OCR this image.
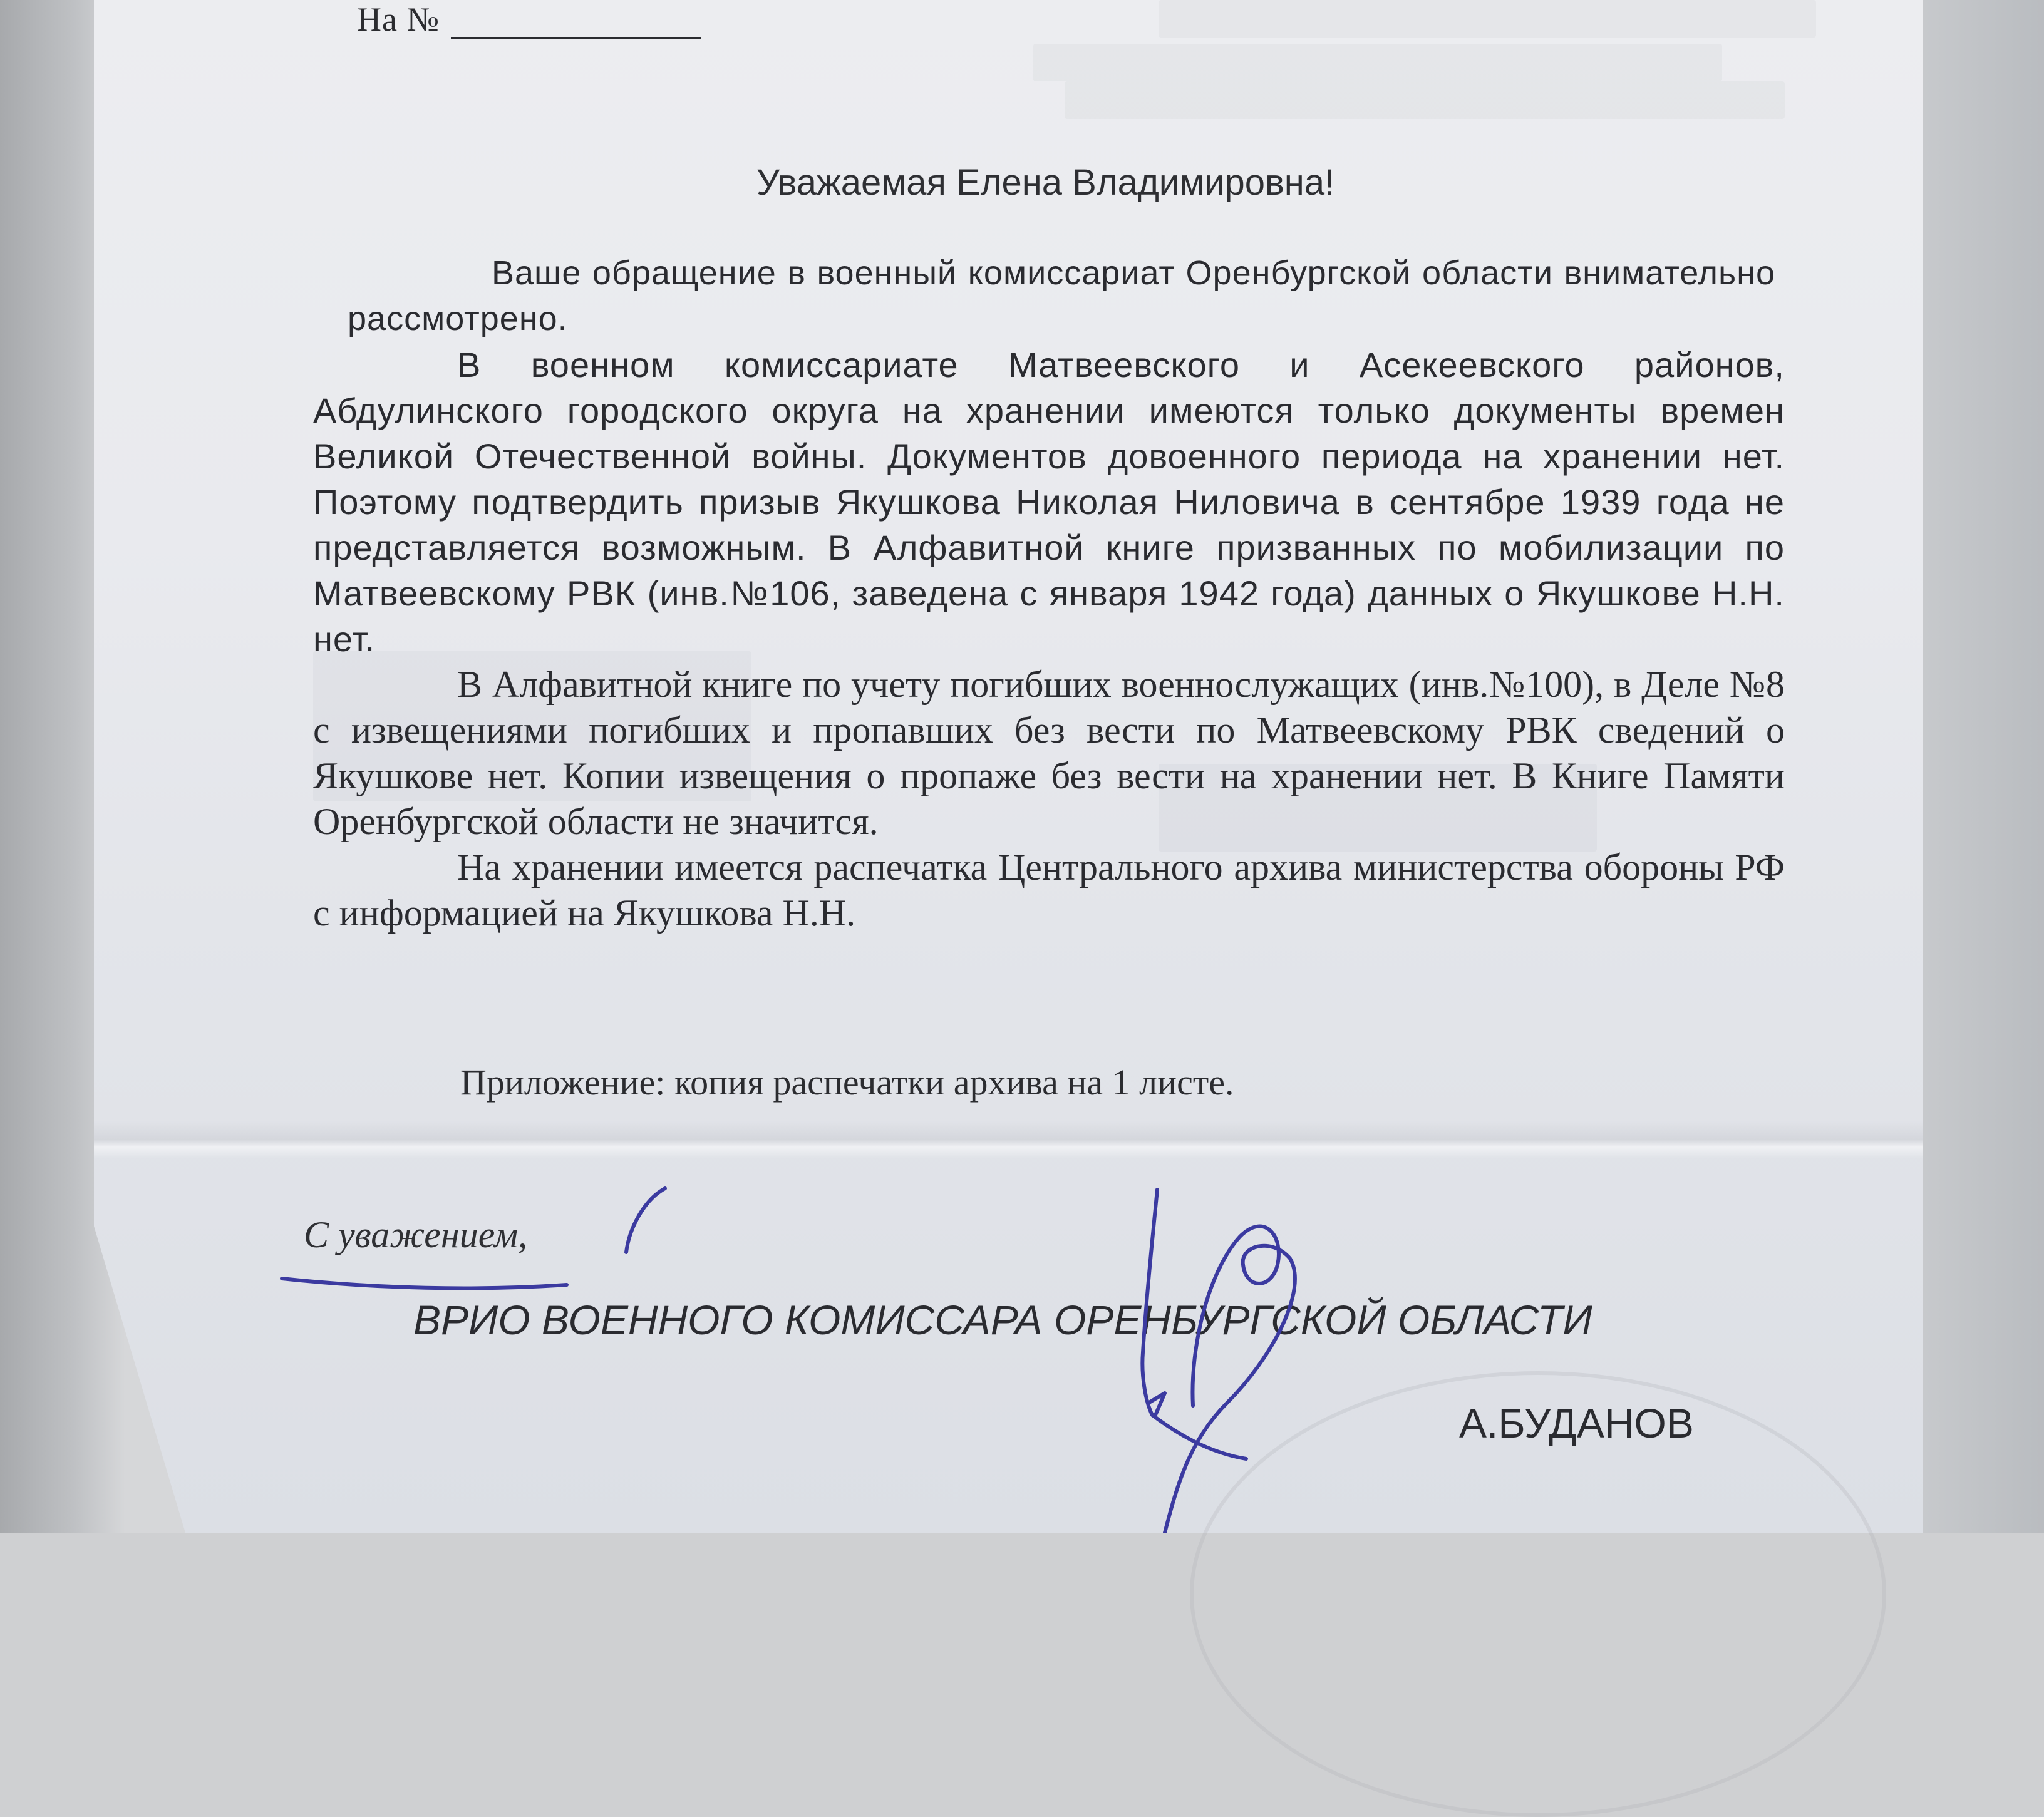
На №
Уважаемая Елена Владимировна!

Ваше обращение в военный комиссариат Оренбургской области внимательно рассмотрено.

В военном комиссариате Матвеевского и Асекеевского районов, Абдулинского городского округа на хранении имеются только документы времен Великой Отечественной войны. Документов довоенного периода на хранении нет. Поэтому подтвердить призыв Якушкова Николая Ниловича в сентябре 1939 года не представляется возможным. В Алфавитной книге призванных по мобилизации по Матвеевскому РВК (инв.№106, заведена с января 1942 года) данных о Якушкове Н.Н. нет.

В Алфавитной книге по учету погибших военнослужащих (инв.№100), в Деле №8 с извещениями погибших и пропавших без вести по Матвеевскому РВК сведений о Якушкове нет. Копии извещения о пропаже без вести на хранении нет. В Книге Памяти Оренбургской области не значится.

На хранении имеется распечатка Центрального архива министерства обороны РФ с информацией на Якушкова Н.Н.

Приложение: копия распечатки архива на 1 листе.
С уважением,
ВРИО ВОЕННОГО КОМИССАРА ОРЕНБУРГСКОЙ ОБЛАСТИ
А.БУДАНОВ
